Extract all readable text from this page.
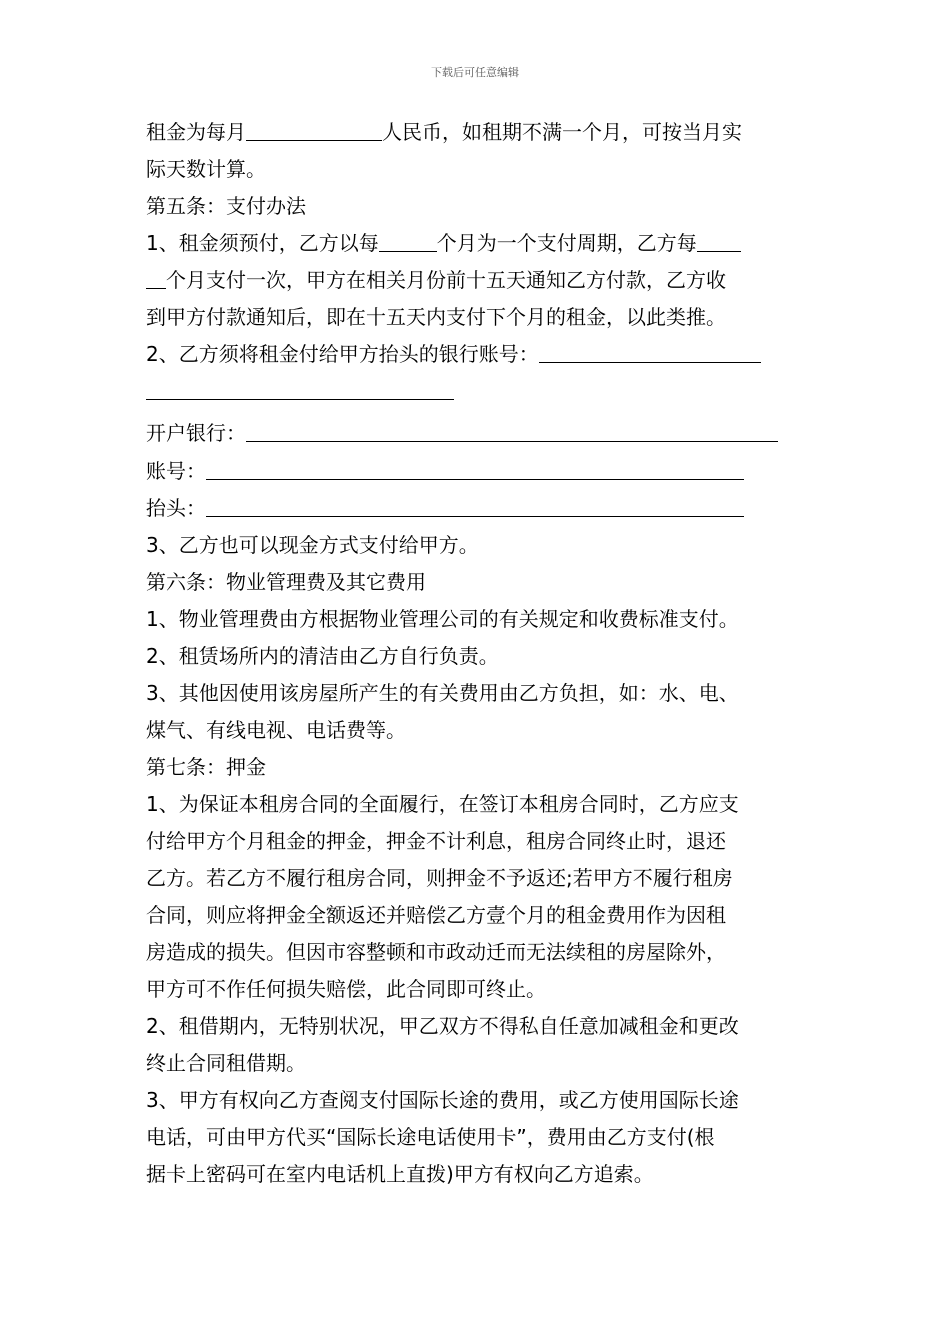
下载后可任意编辑
租金为每月	人民币，如租期不满一个月，可按当月实
际天数计算。
第五条：支付办法
1、租金须预付，乙方以每	个月为一个支付周期，乙方每
个月支付一次，甲方在相关月份前十五天通知乙方付款，乙方收
到甲方付款通知后，即在十五天内支付下个月的租金，以此类推。
2、乙方须将租金付给甲方抬头的银行账号：
开户银行：
账号：
抬头：
3、乙方也可以现金方式支付给甲方。
第六条：物业管理费及其它费用
1、物业管理费由方根据物业管理公司的有关规定和收费标准支付。
2、租赁场所内的清洁由乙方自行负责。
3、其他因使用该房屋所产生的有关费用由乙方负担，如：水、电、
煤气、有线电视、电话费等。
第七条：押金
1、为保证本租房合同的全面履行，在签订本租房合同时，乙方应支
付给甲方个月租金的押金，押金不计利息，租房合同终止时，退还
乙方。若乙方不履行租房合同，则押金不予返还;若甲方不履行租房
合同，则应将押金全额返还并赔偿乙方壹个月的租金费用作为因租
房造成的损失。但因市容整顿和市政动迁而无法续租的房屋除外，
甲方可不作任何损失赔偿，此合同即可终止。
2、租借期内，无特别状况，甲乙双方不得私自任意加减租金和更改
终止合同租借期。
3、甲方有权向乙方查阅支付国际长途的费用，或乙方使用国际长途
电话，可由甲方代买“国际长途电话使用卡”，费用由乙方支付(根
据卡上密码可在室内电话机上直拨)甲方有权向乙方追索。
